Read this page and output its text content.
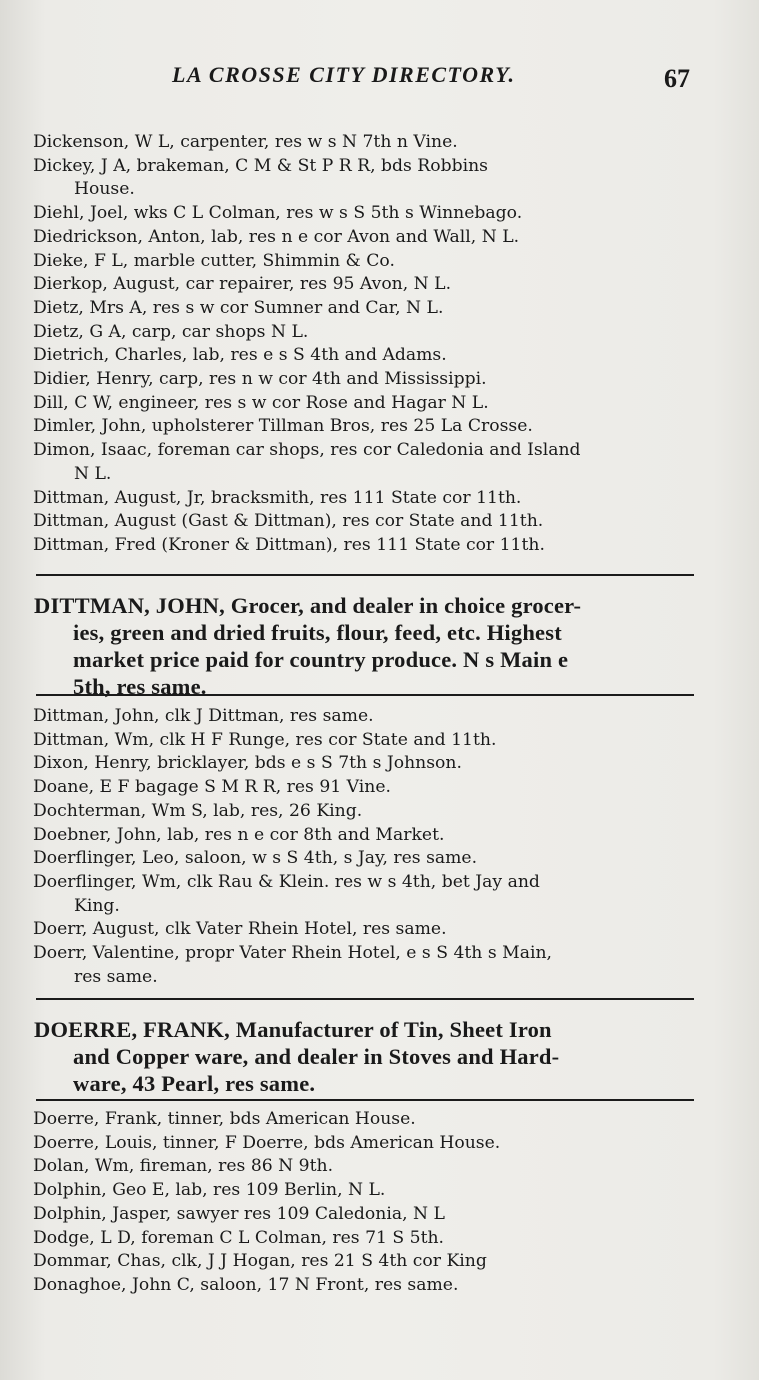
LA CROSSE CITY DIRECTORY.	67

Dickenson, W L, carpenter, res w s N 7th n Vine.

Dickey, J A, brakeman, C M & St P R R, bds Robbins
House.

Diehl, Joel, wks C L Colman, res w s S 5th s Winnebago.

Diedrickson, Anton, lab, res n e cor Avon and Wall, N L.

Dieke, F L, marble cutter, Shimmin & Co.

Dierkop, August, car repairer, res 95 Avon, N L.

Dietz, Mrs A, res s w cor Sumner and Car, N L.

Dietz, G A, carp, car shops N L.

Dietrich, Charles, lab, res e s S 4th and Adams.

Didier, Henry, carp, res n w cor 4th and Mississippi.

Dill, C W, engineer, res s w cor Rose and Hagar N L.

Dimler, John, upholsterer Tillman Bros, res 25 La Crosse.

Dimon, Isaac, foreman car shops, res cor Caledonia and Island
N L.

Dittman, August, Jr, bracksmith, res 111 State cor 11th.

Dittman, August (Gast & Dittman), res cor State and 11th.

Dittman, Fred (Kroner & Dittman), res 111 State cor 11th.

DITTMAN, JOHN, Grocer, and dealer in choice grocer-
ies, green and dried fruits, flour, feed, etc. Highest
market price paid for country produce. N s Main e
5th, res same.

Dittman, John, clk J Dittman, res same.

Dittman, Wm, clk H F Runge, res cor State and 11th.

Dixon, Henry, bricklayer, bds e s S 7th s Johnson.

Doane, E F bagage S M R R, res 91 Vine.

Dochterman, Wm S, lab, res, 26 King.

Doebner, John, lab, res n e cor 8th and Market.

Doerflinger, Leo, saloon, w s S 4th, s Jay, res same.

Doerflinger, Wm, clk Rau & Klein. res w s 4th, bet Jay and
King.

Doerr, August, clk Vater Rhein Hotel, res same.

Doerr, Valentine, propr Vater Rhein Hotel, e s S 4th s Main,
res same.

DOERRE, FRANK, Manufacturer of Tin, Sheet Iron
and Copper ware, and dealer in Stoves and Hard-
ware, 43 Pearl, res same.

Doerre, Frank, tinner, bds American House.

Doerre, Louis, tinner, F Doerre, bds American House.

Dolan, Wm, fireman, res 86 N 9th.

Dolphin, Geo E, lab, res 109 Berlin, N L.

Dolphin, Jasper, sawyer res 109 Caledonia, N L

Dodge, L D, foreman C L Colman, res 71 S 5th.

Dommar, Chas, clk, J J Hogan, res 21 S 4th cor King

Donaghoe, John C, saloon, 17 N Front, res same.
